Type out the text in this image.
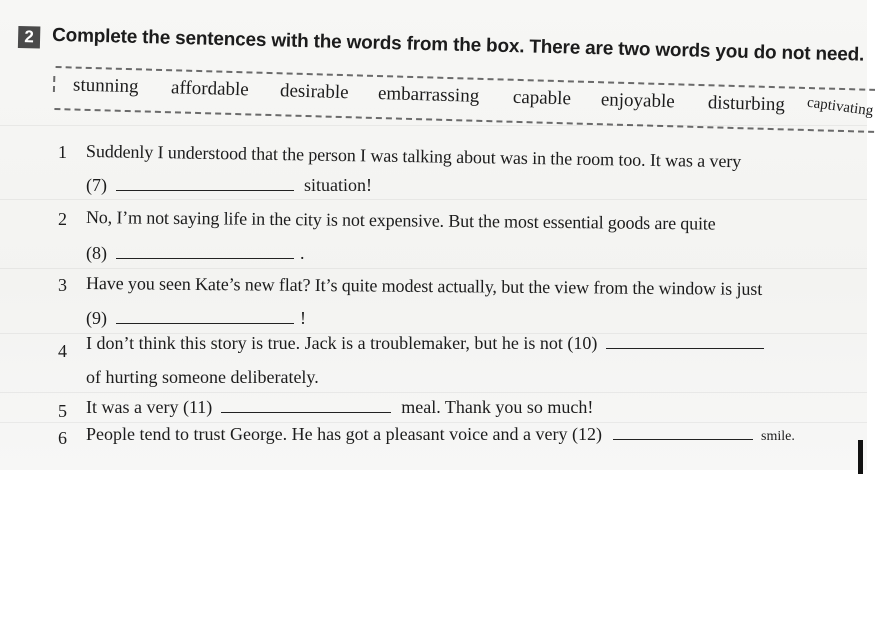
2 Complete the sentences with the words from the box. There are two words you do not need.
stunning affordable desirable embarrassing capable enjoyable disturbing captivating
1 Suddenly I understood that the person I was talking about was in the room too. It was a very
(7)	situation!
2 No, I’m not saying life in the city is not expensive. But the most essential goods are quite
(8)	.
3 Have you seen Kate’s new flat? It’s quite modest actually, but the view from the window is just
(9)	!
4 I don’t think this story is true. Jack is a troublemaker, but he is not (10)
of hurting someone deliberately.
5 It was a very (11)	meal. Thank you so much!
6 People tend to trust George. He has got a pleasant voice and a very (12)	smile.
